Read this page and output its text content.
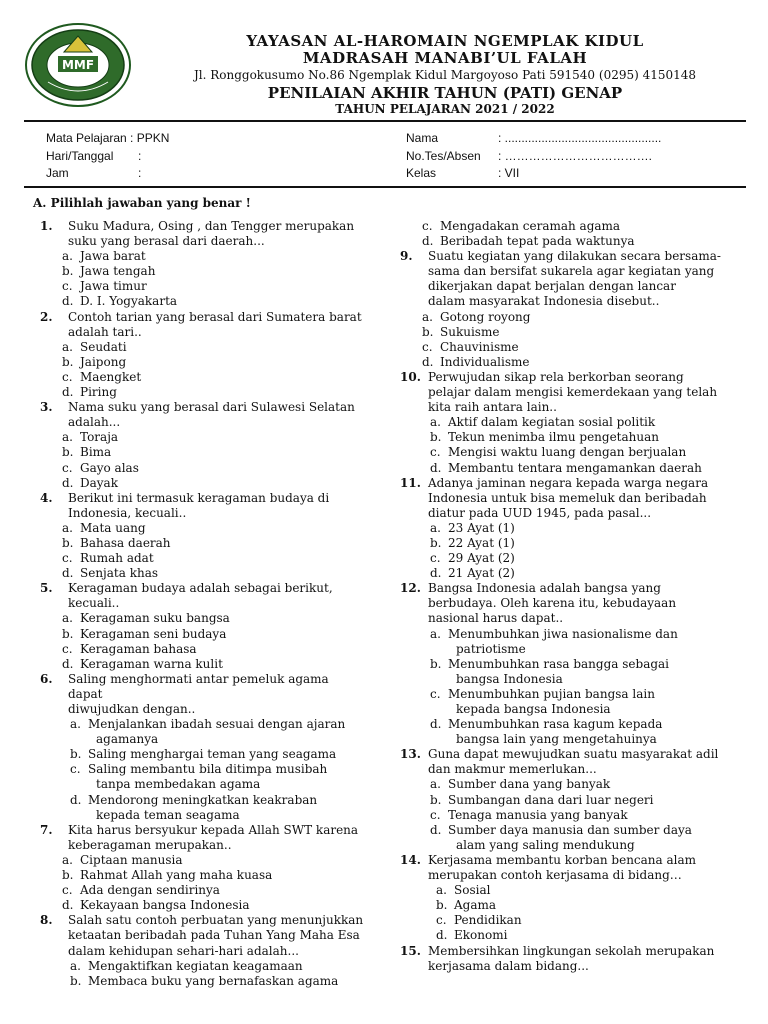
MMF
YAYASAN AL-HAROMAIN NGEMPLAK KIDUL
MADRASAH MANABI’UL FALAH
Jl. Ronggokusumo No.86 Ngemplak Kidul Margoyoso Pati 591540 (0295) 4150148
PENILAIAN AKHIR TAHUN (PATI) GENAP
TAHUN PELAJARAN 2021 / 2022
Mata Pelajaran : PPKN	Nama	: ...............................................
Hari/Tanggal :	No.Tes/Absen : ……………………………….
Jam	:	Kelas	: VII
A. Pilihlah jawaban yang benar !
1. Suku Madura, Osing , dan Tengger merupakan
suku yang berasal dari daerah...
a. Jawa barat
b. Jawa tengah
c. Jawa timur
d. D. I. Yogyakarta
2. Contoh tarian yang berasal dari Sumatera barat
adalah tari..
a. Seudati
b. Jaipong
c. Maengket
d. Piring
3. Nama suku yang berasal dari Sulawesi Selatan
adalah...
a. Toraja
b. Bima
c. Gayo alas
d. Dayak
4. Berikut ini termasuk keragaman budaya di
Indonesia, kecuali..
a. Mata uang
b. Bahasa daerah
c. Rumah adat
d. Senjata khas
5. Keragaman budaya adalah sebagai berikut,
kecuali..
a. Keragaman suku bangsa
b. Keragaman seni budaya
c. Keragaman bahasa
d. Keragaman warna kulit
6. Saling menghormati antar pemeluk agama dapat
diwujudkan dengan..
a. Menjalankan ibadah sesuai dengan ajaran
agamanya
b. Saling menghargai teman yang seagama
c. Saling membantu bila ditimpa musibah
tanpa membedakan agama
d. Mendorong meningkatkan keakraban
kepada teman seagama
7. Kita harus bersyukur kepada Allah SWT karena
keberagaman merupakan..
a. Ciptaan manusia
b. Rahmat Allah yang maha kuasa
c. Ada dengan sendirinya
d. Kekayaan bangsa Indonesia
8. Salah satu contoh perbuatan yang menunjukkan
ketaatan beribadah pada Tuhan Yang Maha Esa
dalam kehidupan sehari-hari adalah...
a. Mengaktifkan kegiatan keagamaan
b. Membaca buku yang bernafaskan agama
c. Mengadakan ceramah agama
d. Beribadah tepat pada waktunya
9. Suatu kegiatan yang dilakukan secara bersama-
sama dan bersifat sukarela agar kegiatan yang
dikerjakan dapat berjalan dengan lancar
dalam masyarakat Indonesia disebut..
a. Gotong royong
b. Sukuisme
c. Chauvinisme
d. Individualisme
10. Perwujudan sikap rela berkorban seorang
pelajar dalam mengisi kemerdekaan yang telah
kita raih antara lain..
a. Aktif dalam kegiatan sosial politik
b. Tekun menimba ilmu pengetahuan
c. Mengisi waktu luang dengan berjualan
d. Membantu tentara mengamankan daerah
11. Adanya jaminan negara kepada warga negara
Indonesia untuk bisa memeluk dan beribadah
diatur pada UUD 1945, pada pasal...
a. 23 Ayat (1)
b. 22 Ayat (1)
c. 29 Ayat (2)
d. 21 Ayat (2)
12. Bangsa Indonesia adalah bangsa yang
berbudaya. Oleh karena itu, kebudayaan
nasional harus dapat..
a. Menumbuhkan jiwa nasionalisme dan
patriotisme
b. Menumbuhkan rasa bangga sebagai
bangsa Indonesia
c. Menumbuhkan pujian bangsa lain
kepada bangsa Indonesia
d. Menumbuhkan rasa kagum kepada
bangsa lain yang mengetahuinya
13. Guna dapat mewujudkan suatu masyarakat adil
dan makmur memerlukan...
a. Sumber dana yang banyak
b. Sumbangan dana dari luar negeri
c. Tenaga manusia yang banyak
d. Sumber daya manusia dan sumber daya
alam yang saling mendukung
14. Kerjasama membantu korban bencana alam
merupakan contoh kerjasama di bidang…
a. Sosial
b. Agama
c. Pendidikan
d. Ekonomi
15. Membersihkan lingkungan sekolah merupakan
kerjasama dalam bidang...
